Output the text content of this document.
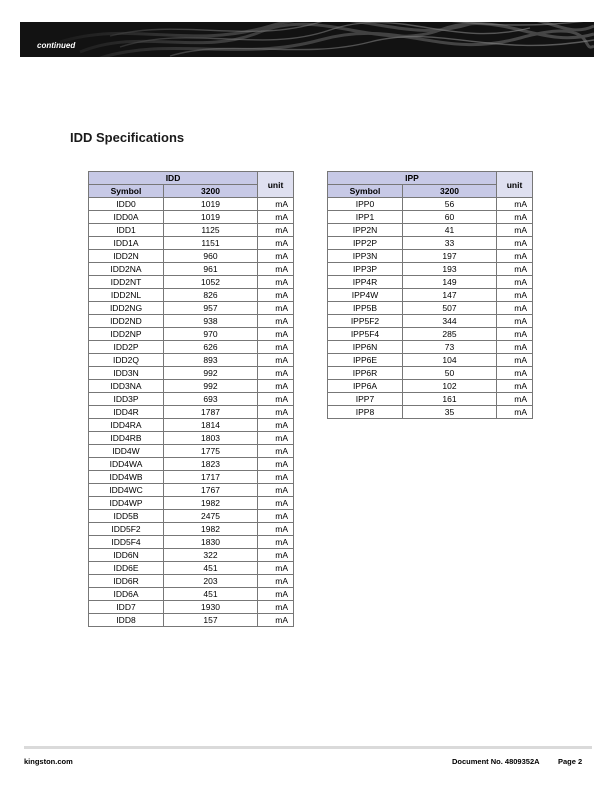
continued
IDD Specifications
IDD		unit
Symbol	3200	
IDD0	1019	mA
IDD0A	1019	mA
IDD1	1125	mA
IDD1A	1151	mA
IDD2N	960	mA
IDD2NA	961	mA
IDD2NT	1052	mA
IDD2NL	826	mA
IDD2NG	957	mA
IDD2ND	938	mA
IDD2NP	970	mA
IDD2P	626	mA
IDD2Q	893	mA
IDD3N	992	mA
IDD3NA	992	mA
IDD3P	693	mA
IDD4R	1787	mA
IDD4RA	1814	mA
IDD4RB	1803	mA
IDD4W	1775	mA
IDD4WA	1823	mA
IDD4WB	1717	mA
IDD4WC	1767	mA
IDD4WP	1982	mA
IDD5B	2475	mA
IDD5F2	1982	mA
IDD5F4	1830	mA
IDD6N	322	mA
IDD6E	451	mA
IDD6R	203	mA
IDD6A	451	mA
IDD7	1930	mA
IDD8	157	mA
IPP		unit
Symbol	3200	
IPP0	56	mA
IPP1	60	mA
IPP2N	41	mA
IPP2P	33	mA
IPP3N	197	mA
IPP3P	193	mA
IPP4R	149	mA
IPP4W	147	mA
IPP5B	507	mA
IPP5F2	344	mA
IPP5F4	285	mA
IPP6N	73	mA
IPP6E	104	mA
IPP6R	50	mA
IPP6A	102	mA
IPP7	161	mA
IPP8	35	mA
kingston.com	Document No. 4809352A Page 2
